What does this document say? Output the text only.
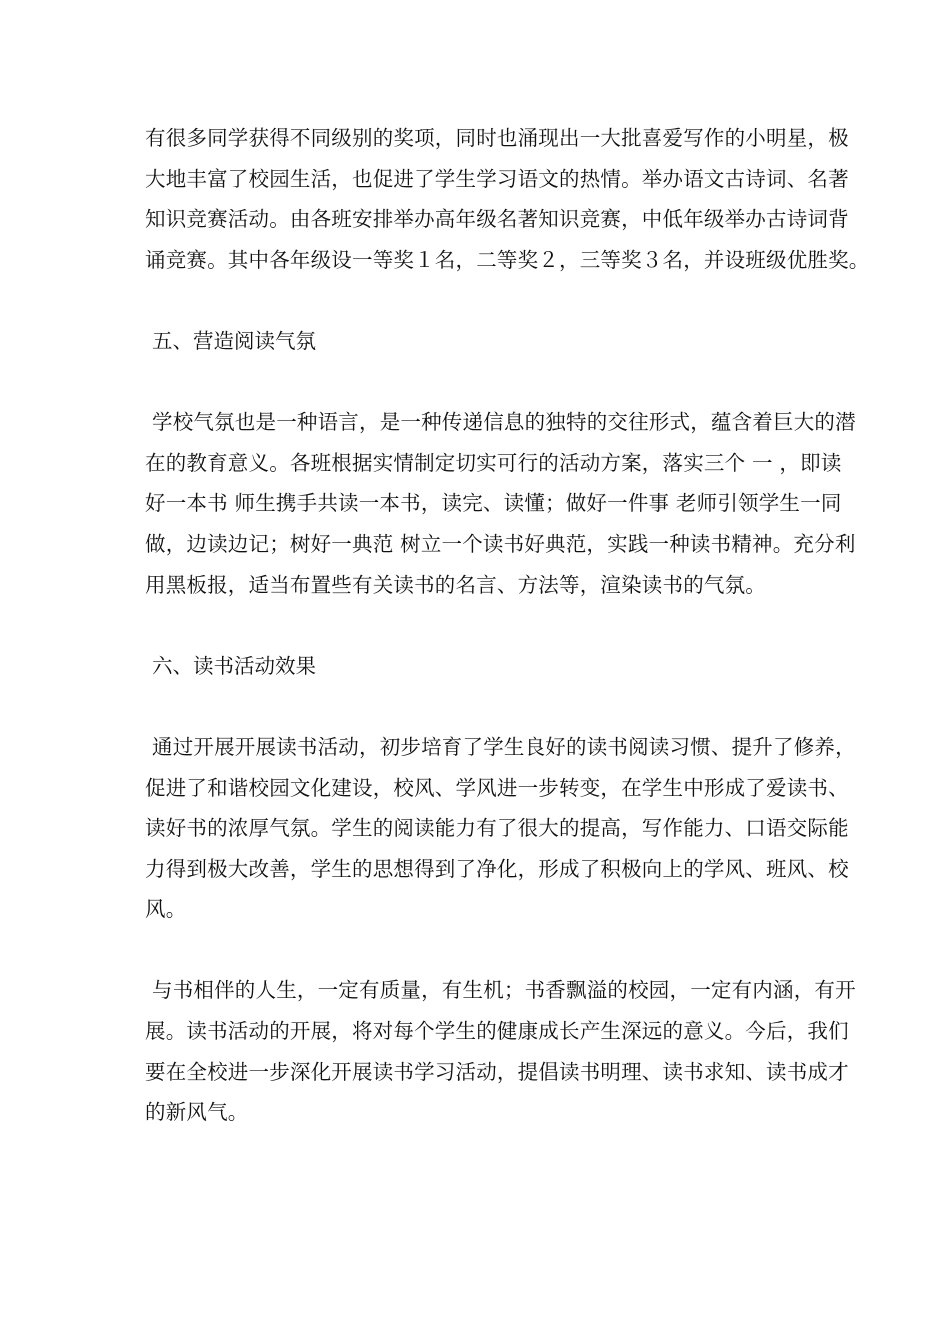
有很多同学获得不同级别的奖项，同时也涌现出一大批喜爱写作的小明星，极
大地丰富了校园生活，也促进了学生学习语文的热情。举办语文古诗词、名著
知识竞赛活动。由各班安排举办高年级名著知识竞赛，中低年级举办古诗词背
诵竞赛。其中各年级设一等奖１名，二等奖２，三等奖３名，并设班级优胜奖。

五、营造阅读气氛

学校气氛也是一种语言，是一种传递信息的独特的交往形式，蕴含着巨大的潜
在的教育意义。各班根据实情制定切实可行的活动方案，落实三个 一 ，即读
好一本书 师生携手共读一本书，读完、读懂；做好一件事 老师引领学生一同
做，边读边记；树好一典范 树立一个读书好典范，实践一种读书精神。充分利
用黑板报，适当布置些有关读书的名言、方法等，渲染读书的气氛。

六、读书活动效果

通过开展开展读书活动，初步培育了学生良好的读书阅读习惯、提升了修养，
促进了和谐校园文化建设，校风、学风进一步转变，在学生中形成了爱读书、
读好书的浓厚气氛。学生的阅读能力有了很大的提高，写作能力、口语交际能
力得到极大改善，学生的思想得到了净化，形成了积极向上的学风、班风、校
风。
与书相伴的人生，一定有质量，有生机；书香飘溢的校园，一定有内涵，有开
展。读书活动的开展，将对每个学生的健康成长产生深远的意义。今后，我们
要在全校进一步深化开展读书学习活动，提倡读书明理、读书求知、读书成才
的新风气。
